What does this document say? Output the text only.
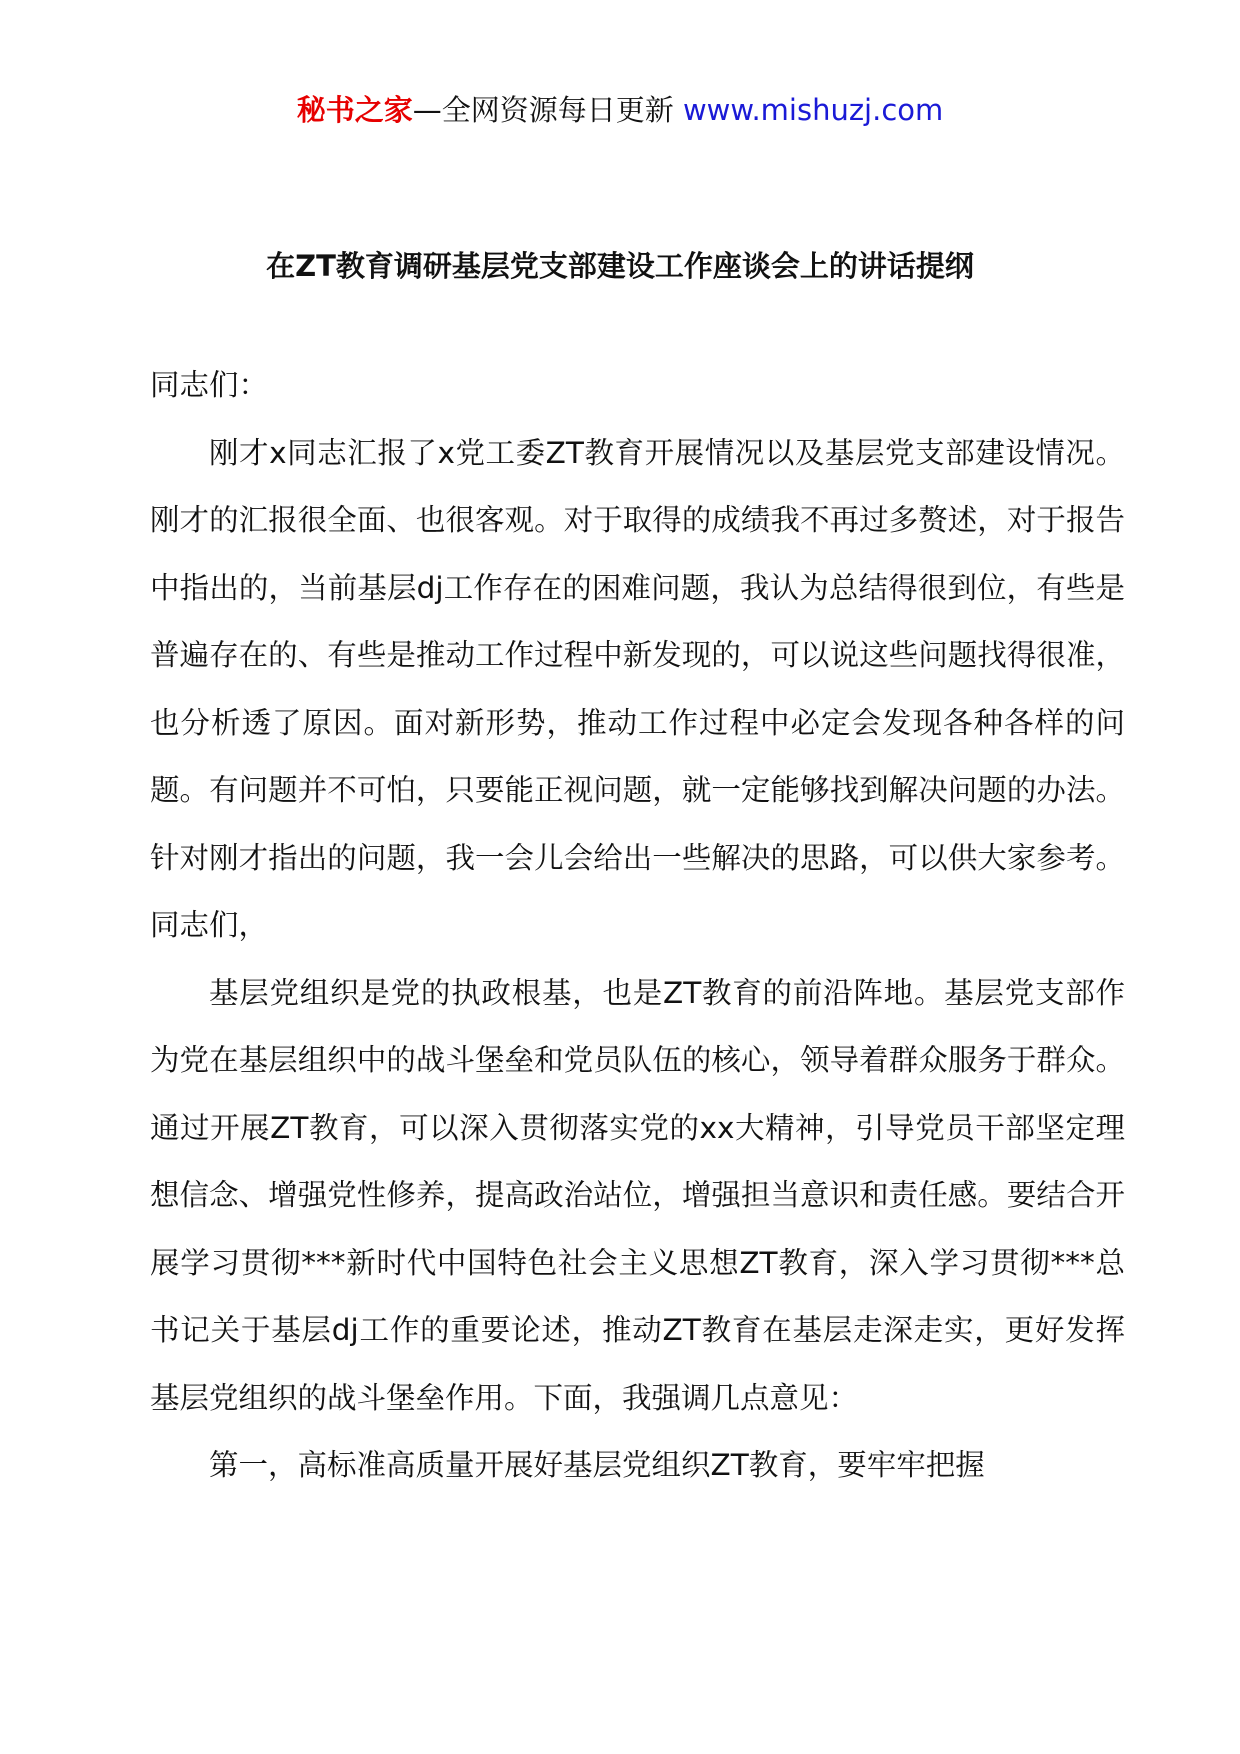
秘书之家—全网资源每日更新 www.mishuzj.com
在ZT教育调研基层党支部建设工作座谈会上的讲话提纲

同志们：

刚才x同志汇报了x党工委ZT教育开展情况以及基层党支部建设情况。刚才的汇报很全面、也很客观。对于取得的成绩我不再过多赘述，对于报告中指出的，当前基层dj工作存在的困难问题，我认为总结得很到位，有些是普遍存在的、有些是推动工作过程中新发现的，可以说这些问题找得很准，也分析透了原因。面对新形势，推动工作过程中必定会发现各种各样的问题。有问题并不可怕，只要能正视问题，就一定能够找到解决问题的办法。针对刚才指出的问题，我一会儿会给出一些解决的思路，可以供大家参考。同志们，

基层党组织是党的执政根基，也是ZT教育的前沿阵地。基层党支部作为党在基层组织中的战斗堡垒和党员队伍的核心，领导着群众服务于群众。通过开展ZT教育，可以深入贯彻落实党的xx大精神，引导党员干部坚定理想信念、增强党性修养，提高政治站位，增强担当意识和责任感。要结合开展学习贯彻***新时代中国特色社会主义思想ZT教育，深入学习贯彻***总书记关于基层dj工作的重要论述，推动ZT教育在基层走深走实，更好发挥基层党组织的战斗堡垒作用。下面，我强调几点意见：

第一，高标准高质量开展好基层党组织ZT教育，要牢牢把握
